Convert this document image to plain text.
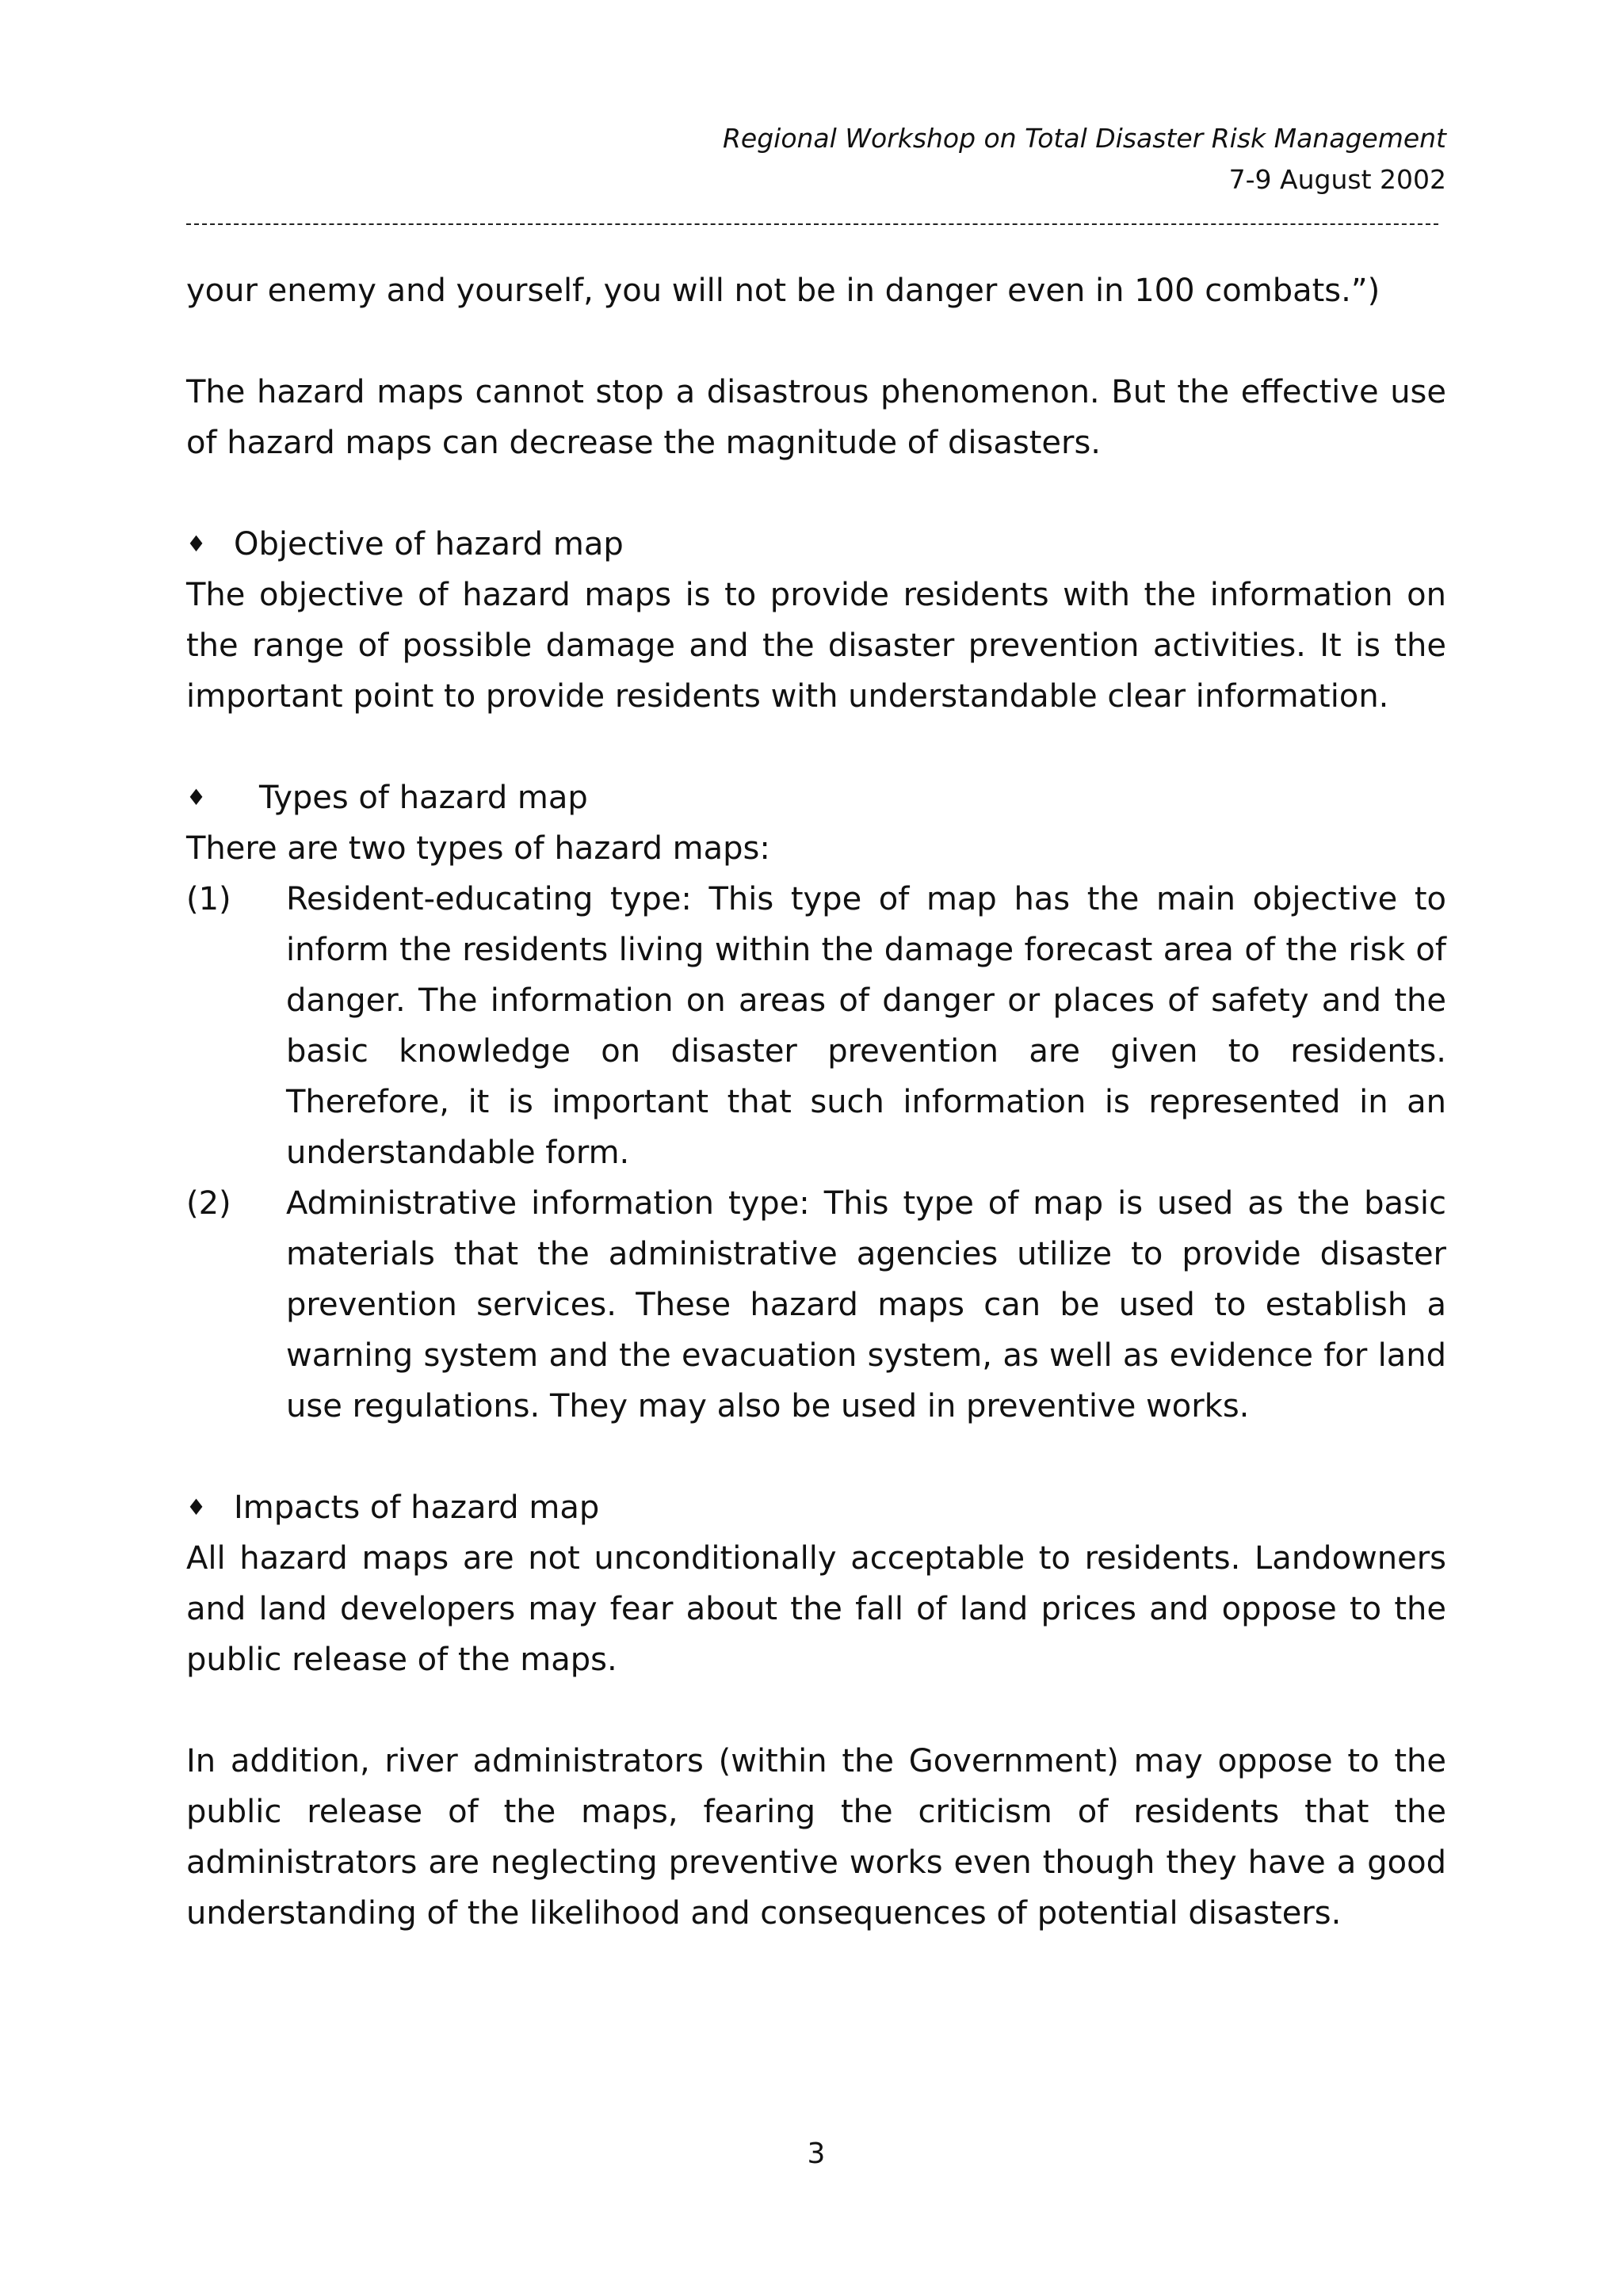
Regional Workshop on Total Disaster Risk Management
7-9 August 2002

your enemy and yourself, you will not be in danger even in 100 combats.”)

The hazard maps cannot stop a disastrous phenomenon. But the effective use of hazard maps can decrease the magnitude of disasters.

♦ Objective of hazard map

The objective of hazard maps is to provide residents with the information on the range of possible damage and the disaster prevention activities. It is the important point to provide residents with understandable clear information.

♦	Types of hazard map

There are two types of hazard maps:

(1)	Resident-educating type: This type of map has the main objective to inform the residents living within the damage forecast area of the risk of danger. The information on areas of danger or places of safety and the basic knowledge on disaster prevention are given to residents. Therefore, it is important that such information is represented in an understandable form.
(2)	Administrative information type: This type of map is used as the basic materials that the administrative agencies utilize to provide disaster prevention services. These hazard maps can be used to establish a warning system and the evacuation system, as well as evidence for land use regulations. They may also be used in preventive works.

♦ Impacts of hazard map

All hazard maps are not unconditionally acceptable to residents. Landowners and land developers may fear about the fall of land prices and oppose to the public release of the maps.

In addition, river administrators (within the Government) may oppose to the public release of the maps, fearing the criticism of residents that the administrators are neglecting preventive works even though they have a good understanding of the likelihood and consequences of potential disasters.

3
